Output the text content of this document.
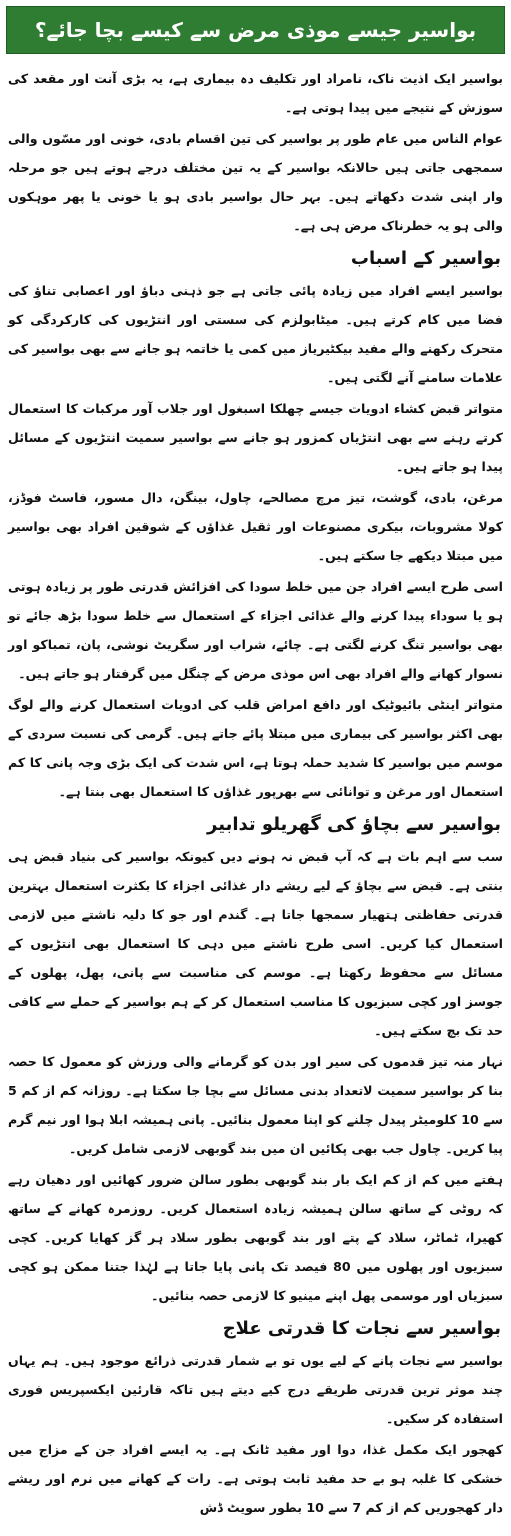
بواسیر جیسے موذی مرض سے کیسے بچا جائے؟

بواسیر ایک اذیت ناک، نامراد اور تکلیف دہ بیماری ہے، یہ بڑی آنت اور مقعد کی سوزش کے نتیجے میں پیدا ہوتی ہے۔

عوام الناس میں عام طور پر بواسیر کی تین اقسام بادی، خونی اور مسّوں والی سمجھی جاتی ہیں حالانکہ بواسیر کے یہ تین مختلف درجے ہوتے ہیں جو مرحلہ وار اپنی شدت دکھاتے ہیں۔ بہر حال بواسیر بادی ہو یا خونی یا پھر موہکوں والی ہو یہ خطرناک مرض ہی ہے۔

بواسیر کے اسباب

بواسیر ایسے افراد میں زیادہ پائی جاتی ہے جو ذہنی دباؤ اور اعصابی تناؤ کی فضا میں کام کرتے ہیں۔ میٹابولزم کی سستی اور انتڑیوں کی کارکردگی کو متحرک رکھنے والے مفید بیکٹیریاز میں کمی یا خاتمہ ہو جانے سے بھی بواسیر کی علامات سامنے آنے لگتی ہیں۔

متواتر قبض کشاء ادویات جیسے چھلکا اسبغول اور جلاب آور مرکبات کا استعمال کرتے رہنے سے بھی انتڑیاں کمزور ہو جانے سے بواسیر سمیت انتڑیوں کے مسائل پیدا ہو جاتے ہیں۔

مرغن، بادی، گوشت، تیز مرچ مصالحے، چاول، بینگن، دال مسور، فاسٹ فوڈز، کولا مشروبات، بیکری مصنوعات اور ثقیل غذاؤں کے شوقین افراد بھی بواسیر میں مبتلا دیکھے جا سکتے ہیں۔

اسی طرح ایسے افراد جن میں خلط سودا کی افزائش قدرتی طور پر زیادہ ہوتی ہو یا سوداء پیدا کرنے والے غذائی اجزاء کے استعمال سے خلط سودا بڑھ جائے تو بھی بواسیر تنگ کرنے لگتی ہے۔ چائے، شراب اور سگریٹ نوشی، پان، تمباکو اور نسوار کھانے والے افراد بھی اس موذی مرض کے چنگل میں گرفتار ہو جاتے ہیں۔

متواتر اینٹی بائیوٹیک اور دافع امراض قلب کی ادویات استعمال کرنے والے لوگ بھی اکثر بواسیر کی بیماری میں مبتلا پائے جاتے ہیں۔ گرمی کی نسبت سردی کے موسم میں بواسیر کا شدید حملہ ہوتا ہے، اس شدت کی ایک بڑی وجہ پانی کا کم استعمال اور مرغن و توانائی سے بھرپور غذاؤں کا استعمال بھی بنتا ہے۔

بواسیر سے بچاؤ کی گھریلو تدابیر

سب سے اہم بات ہے کہ آپ قبض نہ ہونے دیں کیونکہ بواسیر کی بنیاد قبض ہی بنتی ہے۔ قبض سے بچاؤ کے لیے ریشے دار غذائی اجزاء کا بکثرت استعمال بہترین قدرتی حفاظتی ہتھیار سمجھا جاتا ہے۔ گندم اور جو کا دلیہ ناشتے میں لازمی استعمال کیا کریں۔ اسی طرح ناشتے میں دہی کا استعمال بھی انتڑیوں کے مسائل سے محفوظ رکھتا ہے۔ موسم کی مناسبت سے پانی، پھل، پھلوں کے جوسز اور کچی سبزیوں کا مناسب استعمال کر کے ہم بواسیر کے حملے سے کافی حد تک بچ سکتے ہیں۔

نہار منہ تیز قدموں کی سیر اور بدن کو گرمانے والی ورزش کو معمول کا حصہ بنا کر بواسیر سمیت لاتعداد بدنی مسائل سے بچا جا سکتا ہے۔ روزانہ کم از کم 5 سے 10 کلومیٹر پیدل چلنے کو اپنا معمول بنائیں۔ پانی ہمیشہ ابلا ہوا اور نیم گرم پیا کریں۔ چاول جب بھی پکائیں ان میں بند گوبھی لازمی شامل کریں۔

ہفتے میں کم از کم ایک بار بند گوبھی بطور سالن ضرور کھائیں اور دھیان رہے کہ روٹی کے ساتھ سالن ہمیشہ زیادہ استعمال کریں۔ روزمرہ کھانے کے ساتھ کھیرا، ٹماٹر، سلاد کے پتے اور بند گوبھی بطور سلاد ہر گز کھایا کریں۔ کچی سبزیوں اور پھلوں میں 80 فیصد تک پانی پایا جاتا ہے لہٰذا جتنا ممکن ہو کچی سبزیاں اور موسمی پھل اپنے مینیو کا لازمی حصہ بنائیں۔

بواسیر سے نجات کا قدرتی علاج

بواسیر سے نجات پانے کے لیے یوں تو بے شمار قدرتی ذرائع موجود ہیں۔ ہم یہاں چند موثر ترین قدرتی طریقے درج کیے دیتے ہیں تاکہ قارئین ایکسپریس فوری استفادہ کر سکیں۔

کھجور ایک مکمل غذا، دوا اور مفید ٹانک ہے۔ یہ ایسے افراد جن کے مزاج میں خشکی کا غلبہ ہو بے حد مفید ثابت ہوتی ہے۔ رات کے کھانے میں نرم اور ریشے دار کھجوریں کم از کم 7 سے 10 بطور سویٹ ڈش
